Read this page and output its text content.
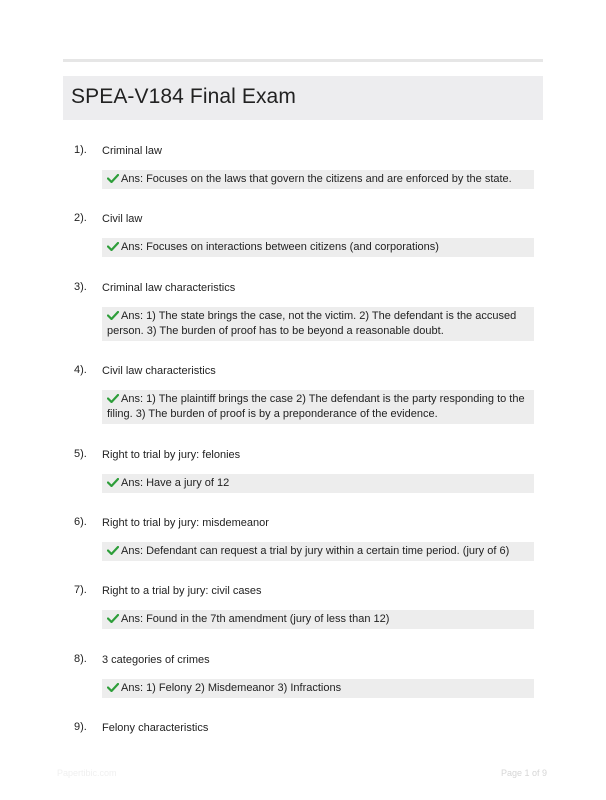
SPEA-V184 Final Exam
1). Criminal law
Ans: Focuses on the laws that govern the citizens and are enforced by the state.
2). Civil law
Ans: Focuses on interactions between citizens (and corporations)
3). Criminal law characteristics
Ans: 1) The state brings the case, not the victim. 2) The defendant is the accused person. 3) The burden of proof has to be beyond a reasonable doubt.
4). Civil law characteristics
Ans: 1) The plaintiff brings the case 2) The defendant is the party responding to the filing. 3) The burden of proof is by a preponderance of the evidence.
5). Right to trial by jury: felonies
Ans: Have a jury of 12
6). Right to trial by jury: misdemeanor
Ans: Defendant can request a trial by jury within a certain time period. (jury of 6)
7). Right to a trial by jury: civil cases
Ans: Found in the 7th amendment (jury of less than 12)
8). 3 categories of crimes
Ans: 1) Felony 2) Misdemeanor 3) Infractions
9). Felony characteristics
Papertibic.com	Page 1 of 9
